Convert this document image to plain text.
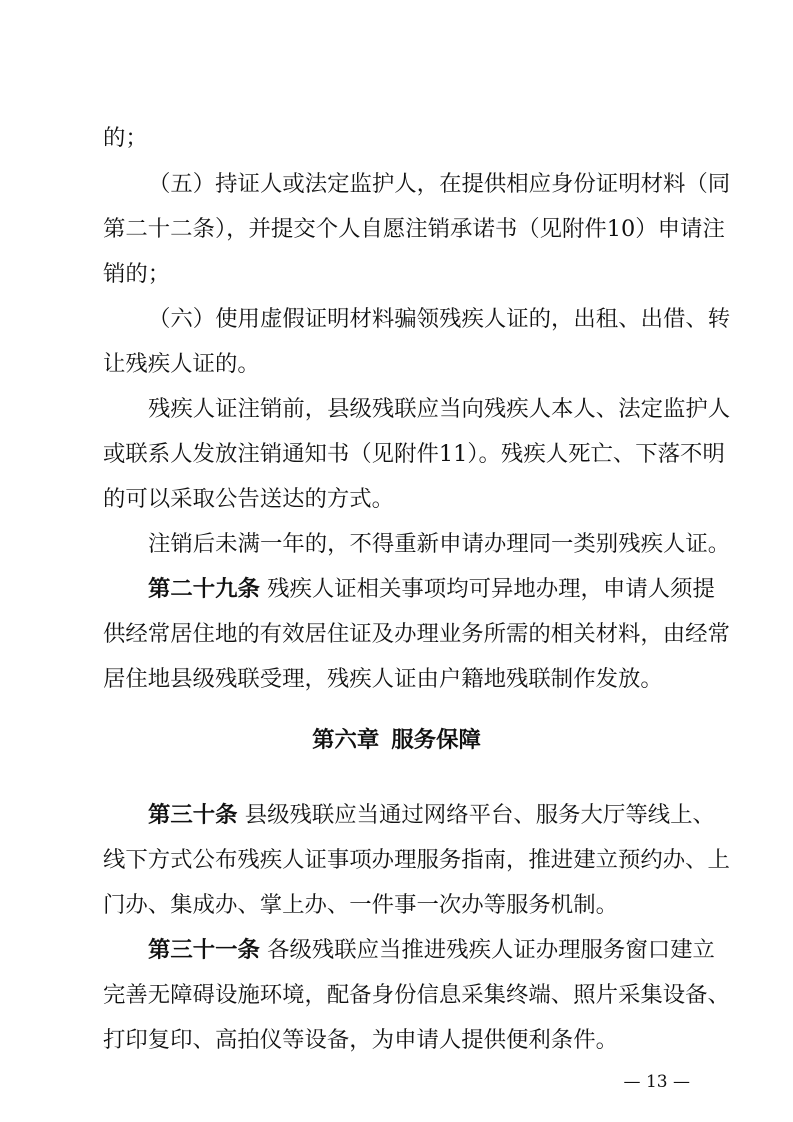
的；
（五）持证人或法定监护人，在提供相应身份证明材料（同
第二十二条），并提交个人自愿注销承诺书（见附件10）申请注
销的；
（六）使用虚假证明材料骗领残疾人证的，出租、出借、转
让残疾人证的。
残疾人证注销前，县级残联应当向残疾人本人、法定监护人
或联系人发放注销通知书（见附件11）。残疾人死亡、下落不明
的可以采取公告送达的方式。
注销后未满一年的，不得重新申请办理同一类别残疾人证。
第二十九条 残疾人证相关事项均可异地办理，申请人须提
供经常居住地的有效居住证及办理业务所需的相关材料，由经常
居住地县级残联受理，残疾人证由户籍地残联制作发放。
第六章 服务保障
第三十条 县级残联应当通过网络平台、服务大厅等线上、
线下方式公布残疾人证事项办理服务指南，推进建立预约办、上
门办、集成办、掌上办、一件事一次办等服务机制。
第三十一条 各级残联应当推进残疾人证办理服务窗口建立
完善无障碍设施环境，配备身份信息采集终端、照片采集设备、
打印复印、高拍仪等设备，为申请人提供便利条件。
— 13 —
